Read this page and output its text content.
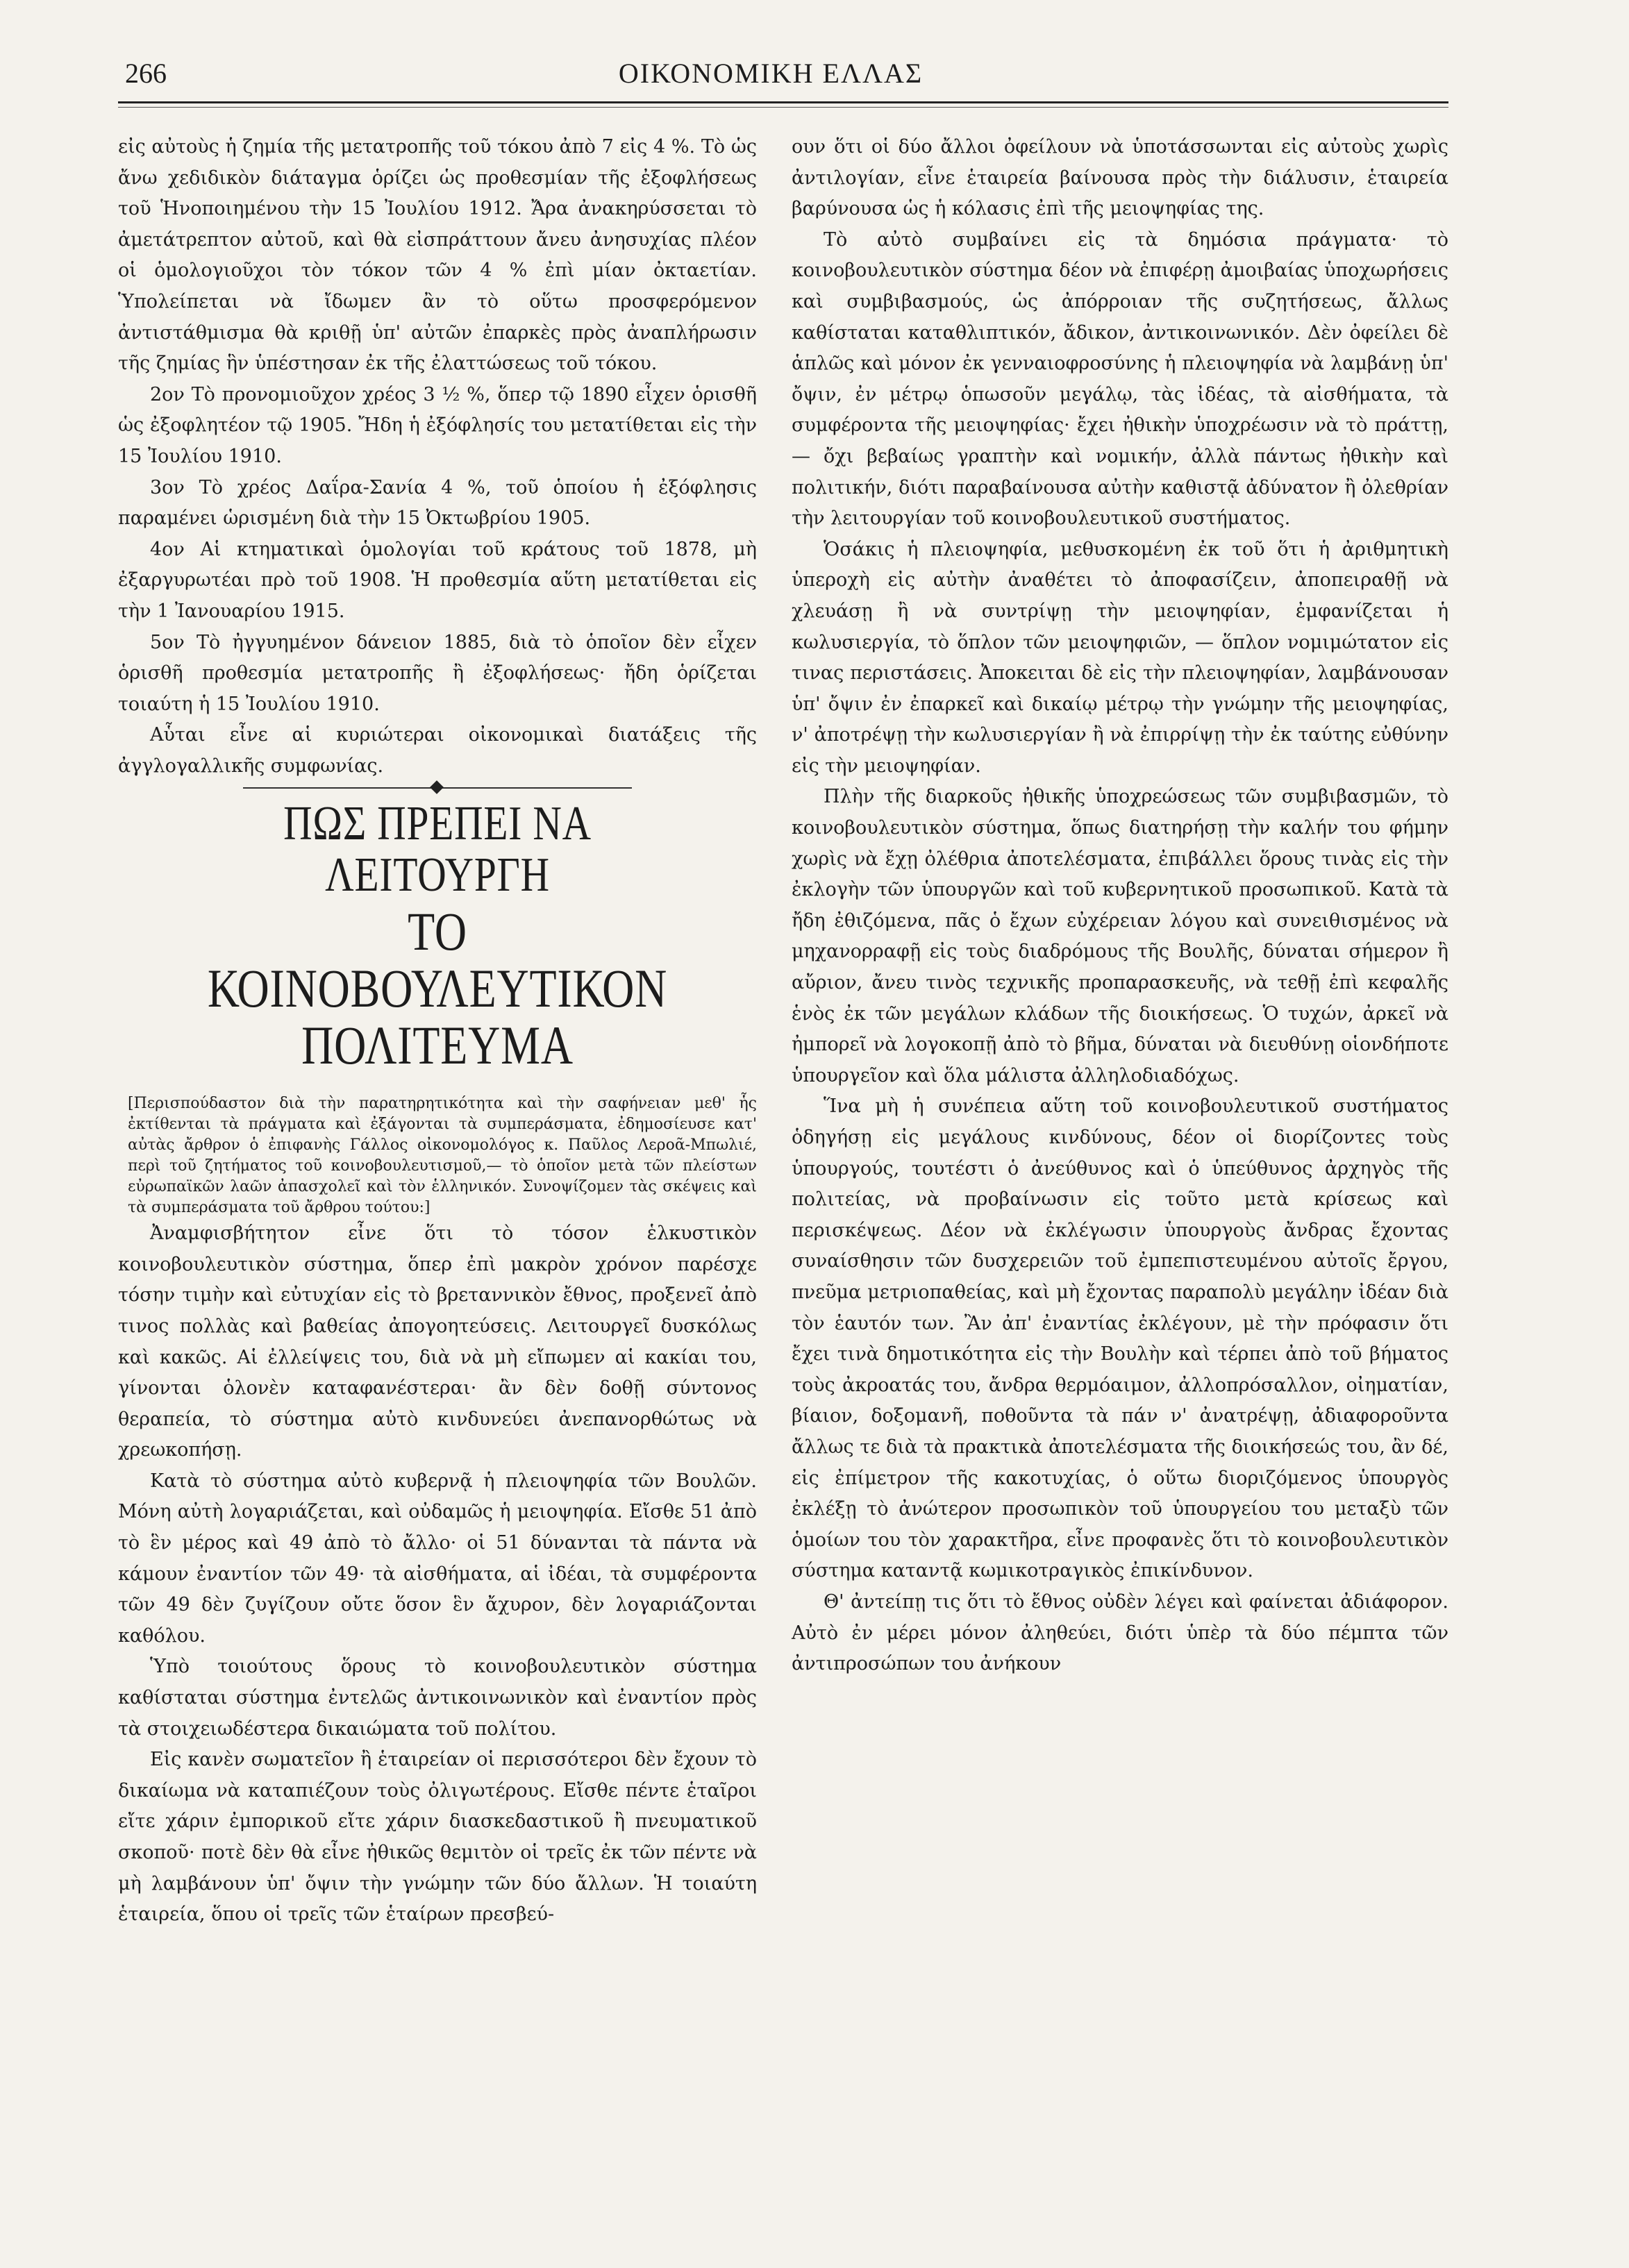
266	ΟΙΚΟΝΟΜΙΚΗ ΕΛΛΑΣ

εἰς αὐτοὺς ἡ ζημία τῆς μετατροπῆς τοῦ τόκου ἀπὸ 7 εἰς 4 %. Τὸ ὡς ἄνω χεδιδικὸν διάταγμα ὁρίζει ὡς προθεσμίαν τῆς ἐξοφλήσεως τοῦ Ἡνοποιημένου τὴν 15 Ἰουλίου 1912. Ἄρα ἀνακηρύσσεται τὸ ἀμετάτρεπτον αὐτοῦ, καὶ θὰ εἰσπράττουν ἄνευ ἀνησυχίας πλέον οἱ ὁμολογιοῦχοι τὸν τόκον τῶν 4 % ἐπὶ μίαν ὀκταετίαν. Ὑπολείπεται νὰ ἴδωμεν ἂν τὸ οὕτω προσφερόμενον ἀντιστάθμισμα θὰ κριθῇ ὑπ' αὐτῶν ἐπαρκὲς πρὸς ἀναπλήρωσιν τῆς ζημίας ἣν ὑπέστησαν ἐκ τῆς ἐλαττώσεως τοῦ τόκου.

2ον Τὸ προνομιοῦχον χρέος 3 ½ %, ὅπερ τῷ 1890 εἶχεν ὁρισθῆ ὡς ἐξοφλητέον τῷ 1905. Ἤδη ἡ ἐξόφλησίς του μετατίθεται εἰς τὴν 15 Ἰουλίου 1910.

3ον Τὸ χρέος Δαΐρα-Σανία 4 %, τοῦ ὁποίου ἡ ἐξόφλησις παραμένει ὡρισμένη διὰ τὴν 15 Ὀκτωβρίου 1905.

4ον Αἱ κτηματικαὶ ὁμολογίαι τοῦ κράτους τοῦ 1878, μὴ ἐξαργυρωτέαι πρὸ τοῦ 1908. Ἡ προθεσμία αὕτη μετατίθεται εἰς τὴν 1 Ἰανουαρίου 1915.

5ον Τὸ ἠγγυημένον δάνειον 1885, διὰ τὸ ὁποῖον δὲν εἶχεν ὁρισθῆ προθεσμία μετατροπῆς ἢ ἐξοφλήσεως· ἤδη ὁρίζεται τοιαύτη ἡ 15 Ἰουλίου 1910.

Αὗται εἶνε αἱ κυριώτεραι οἰκονομικαὶ διατάξεις τῆς ἀγγλογαλλικῆς συμφωνίας.

ΠΩΣ ΠΡΕΠΕΙ ΝΑ ΛΕΙΤΟΥΡΓΗ
ΤΟ ΚΟΙΝΟΒΟΥΛΕΥΤΙΚΟΝ ΠΟΛΙΤΕΥΜΑ

[Περισπούδαστον διὰ τὴν παρατηρητικότητα καὶ τὴν σαφήνειαν μεθ' ἧς ἐκτίθενται τὰ πράγματα καὶ ἐξάγονται τὰ συμπεράσματα, ἐδημοσίευσε κατ' αὐτὰς ἄρθρον ὁ ἐπιφανὴς Γάλλος οἰκονομολόγος κ. Παῦλος Λεροᾶ-Μπωλιέ, περὶ τοῦ ζητήματος τοῦ κοινοβουλευτισμοῦ,— τὸ ὁποῖον μετὰ τῶν πλείστων εὐρωπαϊκῶν λαῶν ἀπασχολεῖ καὶ τὸν ἑλληνικόν. Συνοψίζομεν τὰς σκέψεις καὶ τὰ συμπεράσματα τοῦ ἄρθρου τούτου:]

Ἀναμφισβήτητον εἶνε ὅτι τὸ τόσον ἑλκυστικὸν κοινοβουλευτικὸν σύστημα, ὅπερ ἐπὶ μακρὸν χρόνον παρέσχε τόσην τιμὴν καὶ εὐτυχίαν εἰς τὸ βρεταννικὸν ἔθνος, προξενεῖ ἀπὸ τινος πολλὰς καὶ βαθείας ἀπογοητεύσεις. Λειτουργεῖ δυσκόλως καὶ κακῶς. Αἱ ἐλλείψεις του, διὰ νὰ μὴ εἴπωμεν αἱ κακίαι του, γίνονται ὁλονὲν καταφανέστεραι· ἂν δὲν δοθῇ σύντονος θεραπεία, τὸ σύστημα αὐτὸ κινδυνεύει ἀνεπανορθώτως νὰ χρεωκοπήσῃ.

Κατὰ τὸ σύστημα αὐτὸ κυβερνᾷ ἡ πλειοψηφία τῶν Βουλῶν. Μόνη αὐτὴ λογαριάζεται, καὶ οὐδαμῶς ἡ μειοψηφία. Εἴσθε 51 ἀπὸ τὸ ἓν μέρος καὶ 49 ἀπὸ τὸ ἄλλο· οἱ 51 δύνανται τὰ πάντα νὰ κάμουν ἐναντίον τῶν 49· τὰ αἰσθήματα, αἱ ἰδέαι, τὰ συμφέροντα τῶν 49 δὲν ζυγίζουν οὔτε ὅσον ἓν ἄχυρον, δὲν λογαριάζονται καθόλου.

Ὑπὸ τοιούτους ὅρους τὸ κοινοβουλευτικὸν σύστημα καθίσταται σύστημα ἐντελῶς ἀντικοινωνικὸν καὶ ἐναντίον πρὸς τὰ στοιχειωδέστερα δικαιώματα τοῦ πολίτου.

Εἰς κανὲν σωματεῖον ἢ ἑταιρείαν οἱ περισσότεροι δὲν ἔχουν τὸ δικαίωμα νὰ καταπιέζουν τοὺς ὀλιγωτέρους. Εἴσθε πέντε ἑταῖροι εἴτε χάριν ἐμπορικοῦ εἴτε χάριν διασκεδαστικοῦ ἢ πνευματικοῦ σκοποῦ· ποτὲ δὲν θὰ εἶνε ἠθικῶς θεμιτὸν οἱ τρεῖς ἐκ τῶν πέντε νὰ μὴ λαμβάνουν ὑπ' ὄψιν τὴν γνώμην τῶν δύο ἄλλων. Ἡ τοιαύτη ἑταιρεία, ὅπου οἱ τρεῖς τῶν ἑταίρων πρεσβεύ-

ουν ὅτι οἱ δύο ἄλλοι ὀφείλουν νὰ ὑποτάσσωνται εἰς αὐτοὺς χωρὶς ἀντιλογίαν, εἶνε ἑταιρεία βαίνουσα πρὸς τὴν διάλυσιν, ἑταιρεία βαρύνουσα ὡς ἡ κόλασις ἐπὶ τῆς μειοψηφίας της.

Τὸ αὐτὸ συμβαίνει εἰς τὰ δημόσια πράγματα· τὸ κοινοβουλευτικὸν σύστημα δέον νὰ ἐπιφέρῃ ἀμοιβαίας ὑποχωρήσεις καὶ συμβιβασμούς, ὡς ἀπόρροιαν τῆς συζητήσεως, ἄλλως καθίσταται καταθλιπτικόν, ἄδικον, ἀντικοινωνικόν. Δὲν ὀφείλει δὲ ἁπλῶς καὶ μόνον ἐκ γενναιοφροσύνης ἡ πλειοψηφία νὰ λαμβάνῃ ὑπ' ὄψιν, ἐν μέτρῳ ὁπωσοῦν μεγάλῳ, τὰς ἰδέας, τὰ αἰσθήματα, τὰ συμφέροντα τῆς μειοψηφίας· ἔχει ἠθικὴν ὑποχρέωσιν νὰ τὸ πράττῃ, — ὄχι βεβαίως γραπτὴν καὶ νομικήν, ἀλλὰ πάντως ἠθικὴν καὶ πολιτικήν, διότι παραβαίνουσα αὐτὴν καθιστᾷ ἀδύνατον ἢ ὀλεθρίαν τὴν λειτουργίαν τοῦ κοινοβουλευτικοῦ συστήματος.

Ὁσάκις ἡ πλειοψηφία, μεθυσκομένη ἐκ τοῦ ὅτι ἡ ἀριθμητικὴ ὑπεροχὴ εἰς αὐτὴν ἀναθέτει τὸ ἀποφασίζειν, ἀποπειραθῇ νὰ χλευάσῃ ἢ νὰ συντρίψῃ τὴν μειοψηφίαν, ἐμφανίζεται ἡ κωλυσιεργία, τὸ ὅπλον τῶν μειοψηφιῶν, — ὅπλον νομιμώτατον εἰς τινας περιστάσεις. Ἀποκειται δὲ εἰς τὴν πλειοψηφίαν, λαμβάνουσαν ὑπ' ὄψιν ἐν ἐπαρκεῖ καὶ δικαίῳ μέτρῳ τὴν γνώμην τῆς μειοψηφίας, ν' ἀποτρέψῃ τὴν κωλυσιεργίαν ἢ νὰ ἐπιρρίψῃ τὴν ἐκ ταύτης εὐθύνην εἰς τὴν μειοψηφίαν.

Πλὴν τῆς διαρκοῦς ἠθικῆς ὑποχρεώσεως τῶν συμβιβασμῶν, τὸ κοινοβουλευτικὸν σύστημα, ὅπως διατηρήσῃ τὴν καλήν του φήμην χωρὶς νὰ ἔχῃ ὀλέθρια ἀποτελέσματα, ἐπιβάλλει ὅρους τινὰς εἰς τὴν ἐκλογὴν τῶν ὑπουργῶν καὶ τοῦ κυβερνητικοῦ προσωπικοῦ. Κατὰ τὰ ἤδη ἐθιζόμενα, πᾶς ὁ ἔχων εὐχέρειαν λόγου καὶ συνειθισμένος νὰ μηχανορραφῇ εἰς τοὺς διαδρόμους τῆς Βουλῆς, δύναται σήμερον ἢ αὔριον, ἄνευ τινὸς τεχνικῆς προπαρασκευῆς, νὰ τεθῇ ἐπὶ κεφαλῆς ἑνὸς ἐκ τῶν μεγάλων κλάδων τῆς διοικήσεως. Ὁ τυχών, ἀρκεῖ νὰ ἠμπορεῖ νὰ λογοκοπῇ ἀπὸ τὸ βῆμα, δύναται νὰ διευθύνῃ οἱονδήποτε ὑπουργεῖον καὶ ὅλα μάλιστα ἀλληλοδιαδόχως.

Ἵνα μὴ ἡ συνέπεια αὕτη τοῦ κοινοβουλευτικοῦ συστήματος ὁδηγήσῃ εἰς μεγάλους κινδύνους, δέον οἱ διορίζοντες τοὺς ὑπουργούς, τουτέστι ὁ ἀνεύθυνος καὶ ὁ ὑπεύθυνος ἀρχηγὸς τῆς πολιτείας, νὰ προβαίνωσιν εἰς τοῦτο μετὰ κρίσεως καὶ περισκέψεως. Δέον νὰ ἐκλέγωσιν ὑπουργοὺς ἄνδρας ἔχοντας συναίσθησιν τῶν δυσχερειῶν τοῦ ἐμπεπιστευμένου αὐτοῖς ἔργου, πνεῦμα μετριοπαθείας, καὶ μὴ ἔχοντας παραπολὺ μεγάλην ἰδέαν διὰ τὸν ἑαυτόν των. Ἂν ἀπ' ἐναντίας ἐκλέγουν, μὲ τὴν πρόφασιν ὅτι ἔχει τινὰ δημοτικότητα εἰς τὴν Βουλὴν καὶ τέρπει ἀπὸ τοῦ βήματος τοὺς ἀκροατάς του, ἄνδρα θερμόαιμον, ἀλλοπρόσαλλον, οἰηματίαν, βίαιον, δοξομανῆ, ποθοῦντα τὰ πάν ν' ἀνατρέψῃ, ἀδιαφοροῦντα ἄλλως τε διὰ τὰ πρακτικὰ ἀποτελέσματα τῆς διοικήσεώς του, ἂν δέ, εἰς ἐπίμετρον τῆς κακοτυχίας, ὁ οὕτω διοριζόμενος ὑπουργὸς ἐκλέξῃ τὸ ἀνώτερον προσωπικὸν τοῦ ὑπουργείου του μεταξὺ τῶν ὁμοίων του τὸν χαρακτῆρα, εἶνε προφανὲς ὅτι τὸ κοινοβουλευτικὸν σύστημα καταντᾷ κωμικοτραγικὸς ἐπικίνδυνον.

Θ' ἀντείπῃ τις ὅτι τὸ ἔθνος οὐδὲν λέγει καὶ φαίνεται ἀδιάφορον. Αὐτὸ ἐν μέρει μόνον ἀληθεύει, διότι ὑπὲρ τὰ δύο πέμπτα τῶν ἀντιπροσώπων του ἀνήκουν
